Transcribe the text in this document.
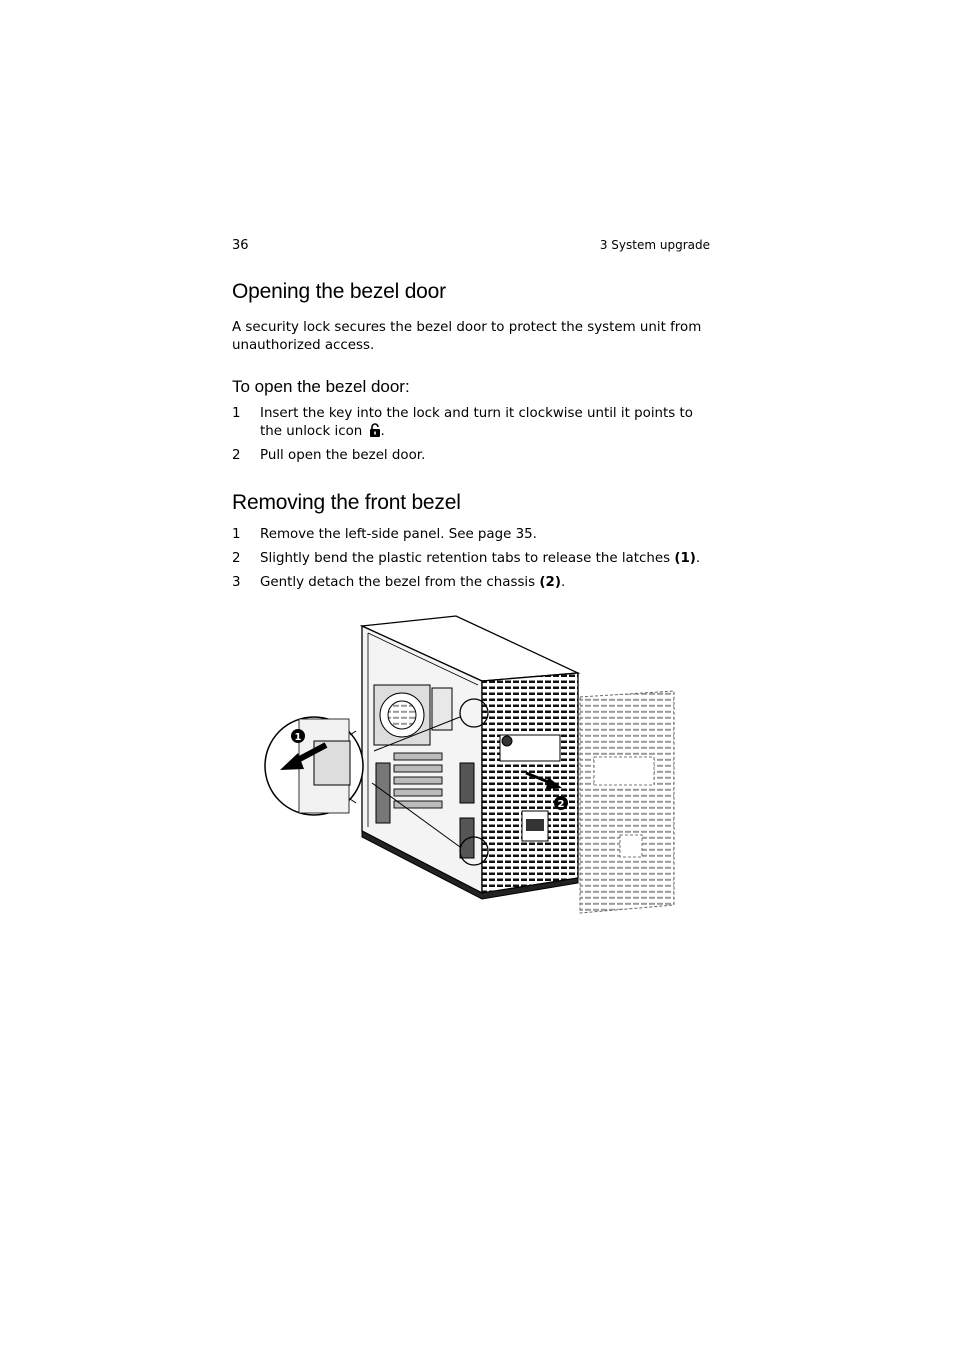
36	3 System upgrade
Opening the bezel door

A security lock secures the bezel door to protect the system unit from unauthorized access.

To open the bezel door:
1 Insert the key into the lock and turn it clockwise until it points to the unlock icon .
2 Pull open the bezel door.
Removing the front bezel
1 Remove the left-side panel. See page 35.
2 Slightly bend the plastic retention tabs to release the latches (1).
3 Gently detach the bezel from the chassis (2).
2
1
